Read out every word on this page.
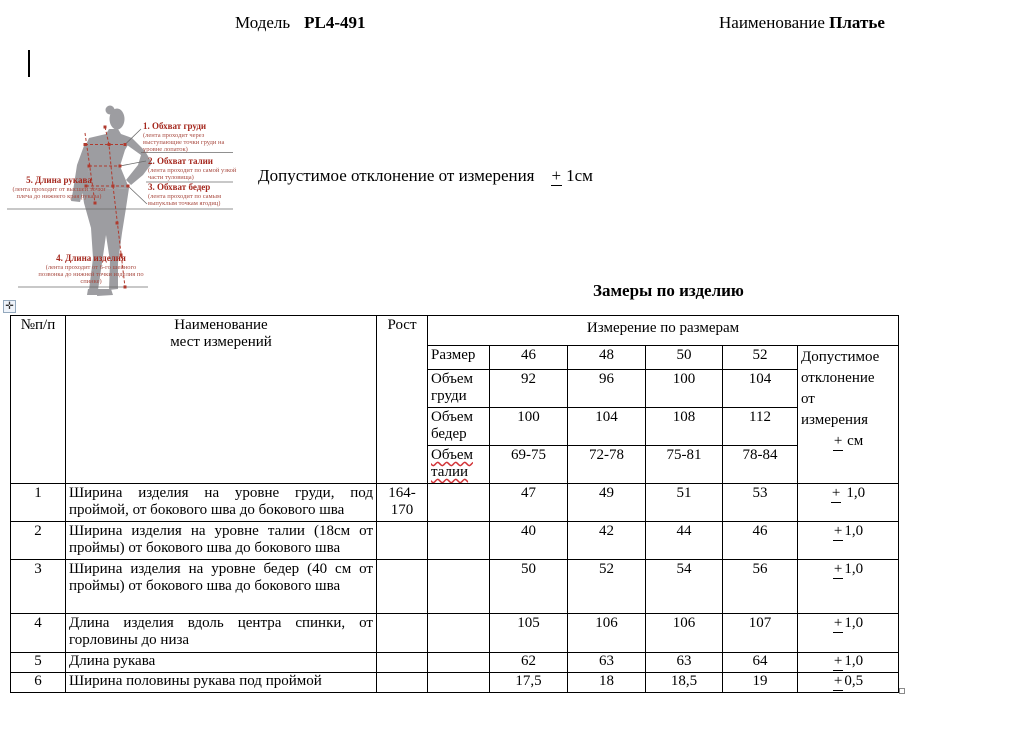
Модель PL4-491	Наименование Платье
1. Обхват груди
(лента проходит через выступающие точки груди на уровне лопаток)
2. Обхват талии
(лента проходит по самой узкой части туловища)
3. Обхват бедер
(лента проходит по самым выпуклым точкам ягодиц)
5. Длина рукава
(лента проходит от высшей точки плеча до нижнего края рукава)
4. Длина изделия
(лента проходит от 6-го шейного позвонка до нижней точки изделия по спинке)
Допустимое отклонение от измерения + 1см
Замеры по изделию
✛
№п/п	Наименование
мест измерений	Рост	Измерение по размерам					
			Размер	46	48	50	52	Допустимое
отклонение
от
измерения
+ см

			Объем груди	92	96	100	104	
			Объем бедер	100	104	108	112	
			Объем талии	69-75	72-78	75-81	78-84	
1	Ширина изделия на уровне груди, под проймой, от бокового шва до бокового шва	164-170		47	49	51	53	+ 1,0
2	Ширина изделия на уровне талии (18см от проймы) от бокового шва до бокового шва			40	42	44	46	+ 1,0
3	Ширина изделия на уровне бедер (40 см от проймы) от бокового шва до бокового шва			50	52	54	56	+ 1,0
4	Длина изделия вдоль центра спинки, от горловины до низа			105	106	106	107	+ 1,0
5	Длина рукава			62	63	63	64	+ 1,0
6	Ширина половины рукава под проймой			17,5	18	18,5	19	+ 0,5
